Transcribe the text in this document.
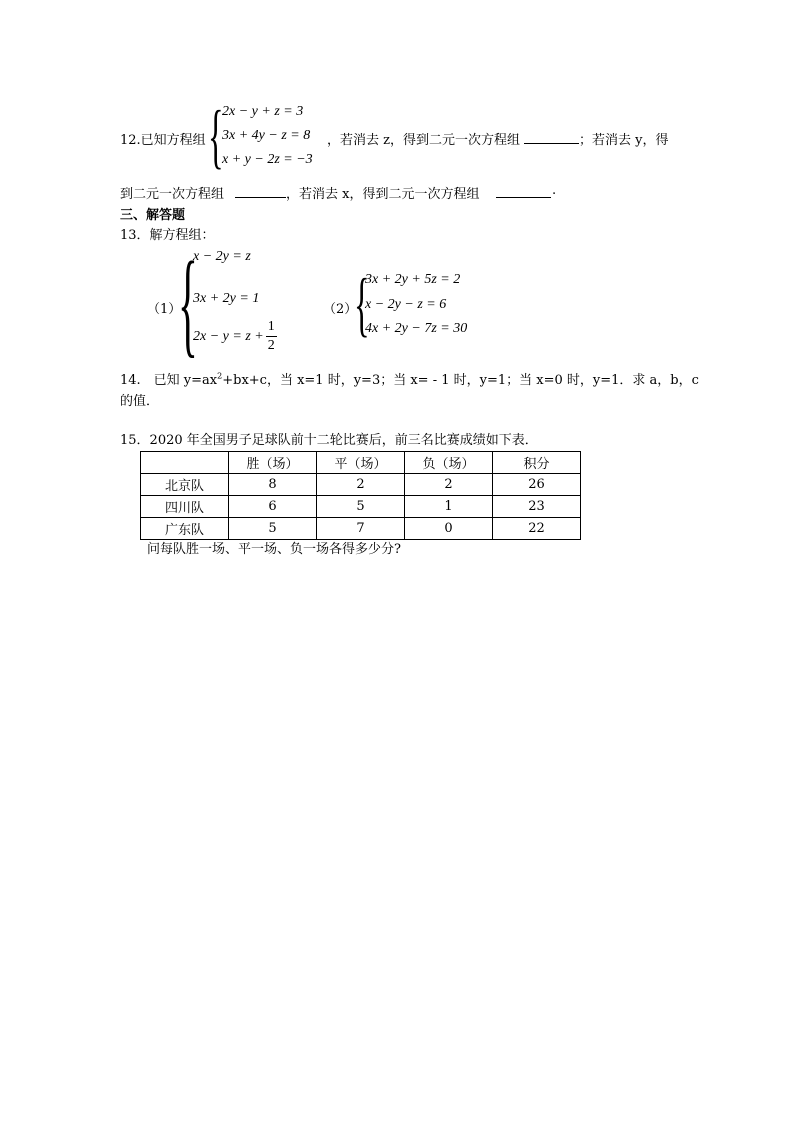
12.已知方程组 {
2x − y + z = 3
3x + 4y − z = 8
x + y − 2z = −3
，若消去 z，得到二元一次方程组	；若消去 y，得
到二元一次方程组	，若消去 x，得到二元一次方程组	.
三、解答题
13．解方程组：
（1）
{
x − 2y = z
3x + 2y = 1
$2x - y = z + \frac{1}{2}$
（2）
{
3x + 2y + 5z = 2
x − 2y − z = 6
4x + 2y − 7z = 30
14.　已知 $y=ax^2+bx+c$，当 x=1 时，y=3；当 x= - 1 时，y=1；当 x=0 时，y=1．求 a，b，c
的值．
15．2020 年全国男子足球队前十二轮比赛后，前三名比赛成绩如下表．
	胜（场）	平（场）	负（场）	积分
北京队	8	2	2	26
四川队	6	5	1	23
广东队	5	7	0	22
问每队胜一场、平一场、负一场各得多少分?
